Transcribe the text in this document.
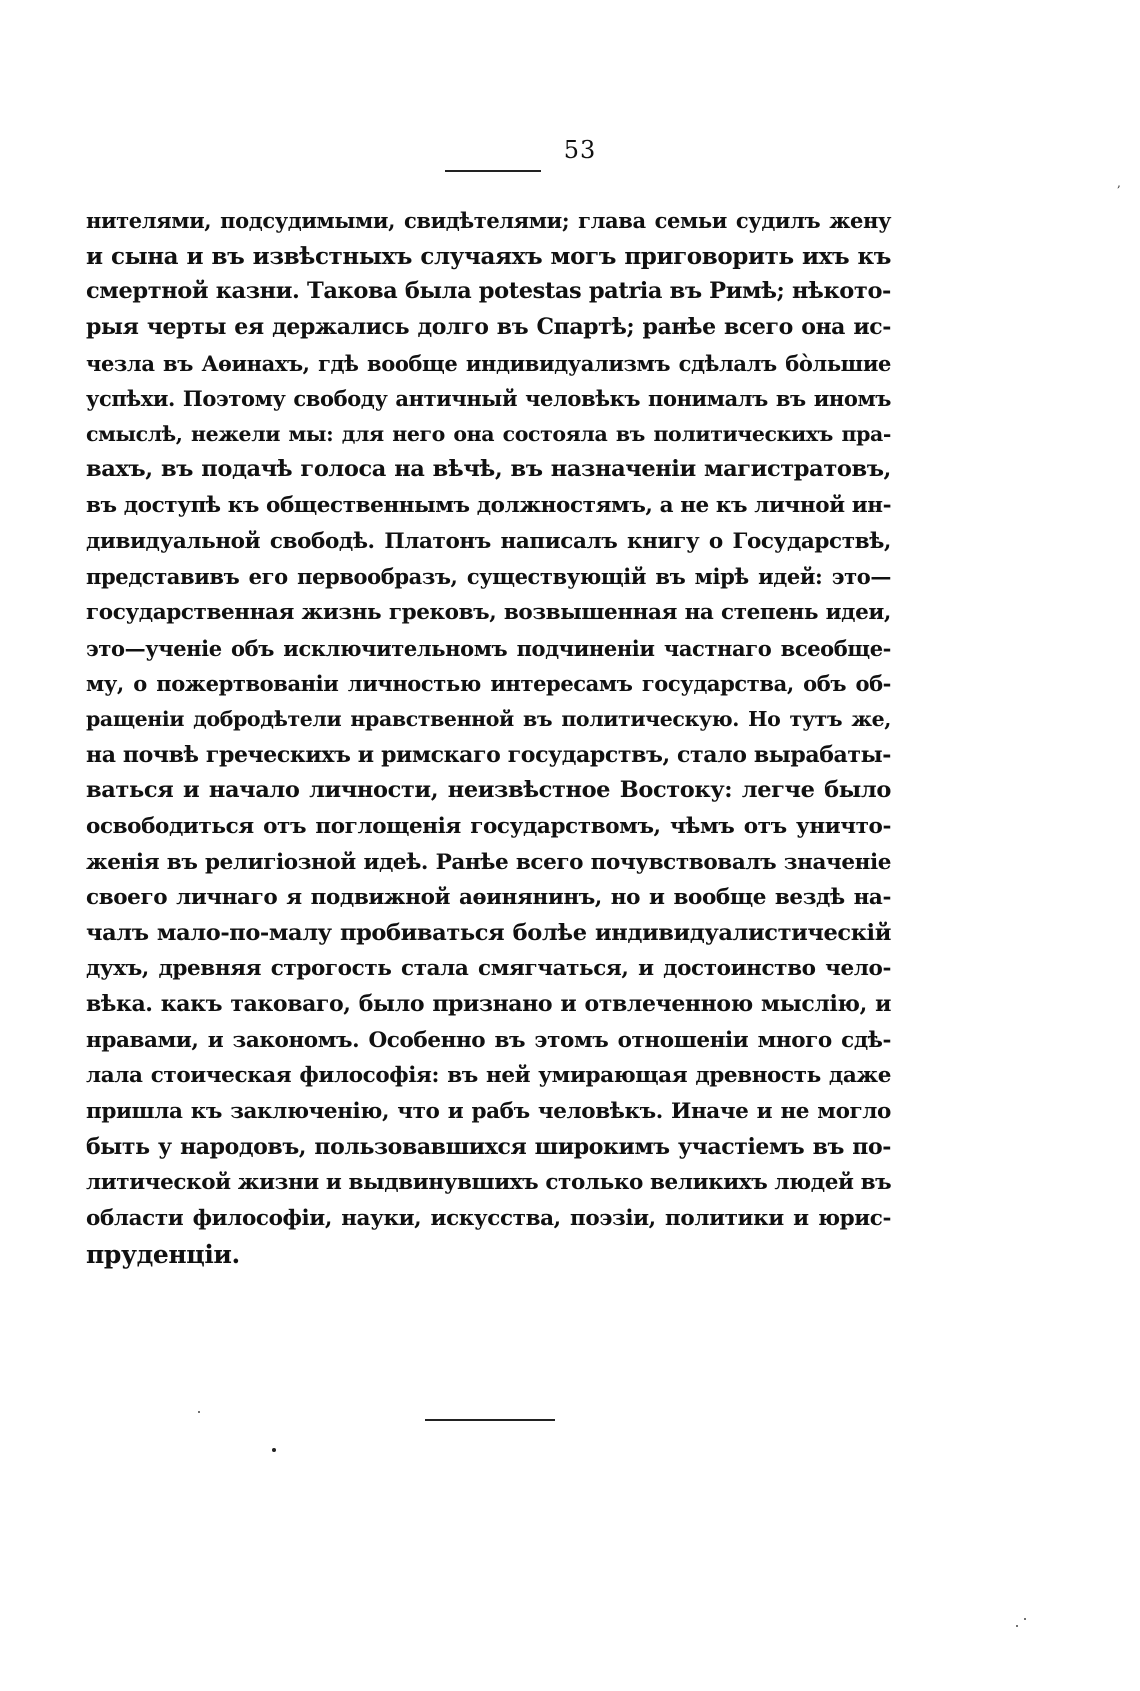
53
,
нителями, подсудимыми, свидѣтелями; глава семьи судилъ жену
и сына и въ извѣстныхъ случаяхъ могъ приговорить ихъ къ
смертной казни. Такова была potestas patria въ Римѣ; нѣкото-
рыя черты ея держались долго въ Спартѣ; ранѣе всего она ис-
чезла въ Аѳинахъ, гдѣ вообще индивидуализмъ сдѣлалъ бо̀льшие
успѣхи. Поэтому свободу античный человѣкъ понималъ въ иномъ
смыслѣ, нежели мы: для него она состояла въ политическихъ пра-
вахъ, въ подачѣ голоса на вѣчѣ, въ назначеніи магистратовъ,
въ доступѣ къ общественнымъ должностямъ, а не къ личной ин-
дивидуальной свободѣ. Платонъ написалъ книгу о Государствѣ,
представивъ его первообразъ, существующій въ мірѣ идей: это—
государственная жизнь грековъ, возвышенная на степень идеи,
это—ученіе объ исключительномъ подчиненіи частнаго всеобще-
му, о пожертвованіи личностью интересамъ государства, объ об-
ращеніи добродѣтели нравственной въ политическую. Но тутъ же,
на почвѣ греческихъ и римскаго государствъ, стало вырабаты-
ваться и начало личности, неизвѣстное Востоку: легче было
освободиться отъ поглощенія государствомъ, чѣмъ отъ уничто-
женія въ религіозной идеѣ. Ранѣе всего почувствовалъ значеніе
своего личнаго я подвижной аѳинянинъ, но и вообще вездѣ на-
чалъ мало-по-малу пробиваться болѣе индивидуалистическій
духъ, древняя строгость стала смягчаться, и достоинство чело-
вѣка. какъ таковаго, было признано и отвлеченною мыслію, и
нравами, и закономъ. Особенно въ этомъ отношеніи много сдѣ-
лала стоическая философія: въ ней умирающая древность даже
пришла къ заключенію, что и рабъ человѣкъ. Иначе и не могло
быть у народовъ, пользовавшихся широкимъ участіемъ въ по-
литической жизни и выдвинувшихъ столько великихъ людей въ
области философіи, науки, искусства, поэзіи, политики и юрис-
пруденціи.
